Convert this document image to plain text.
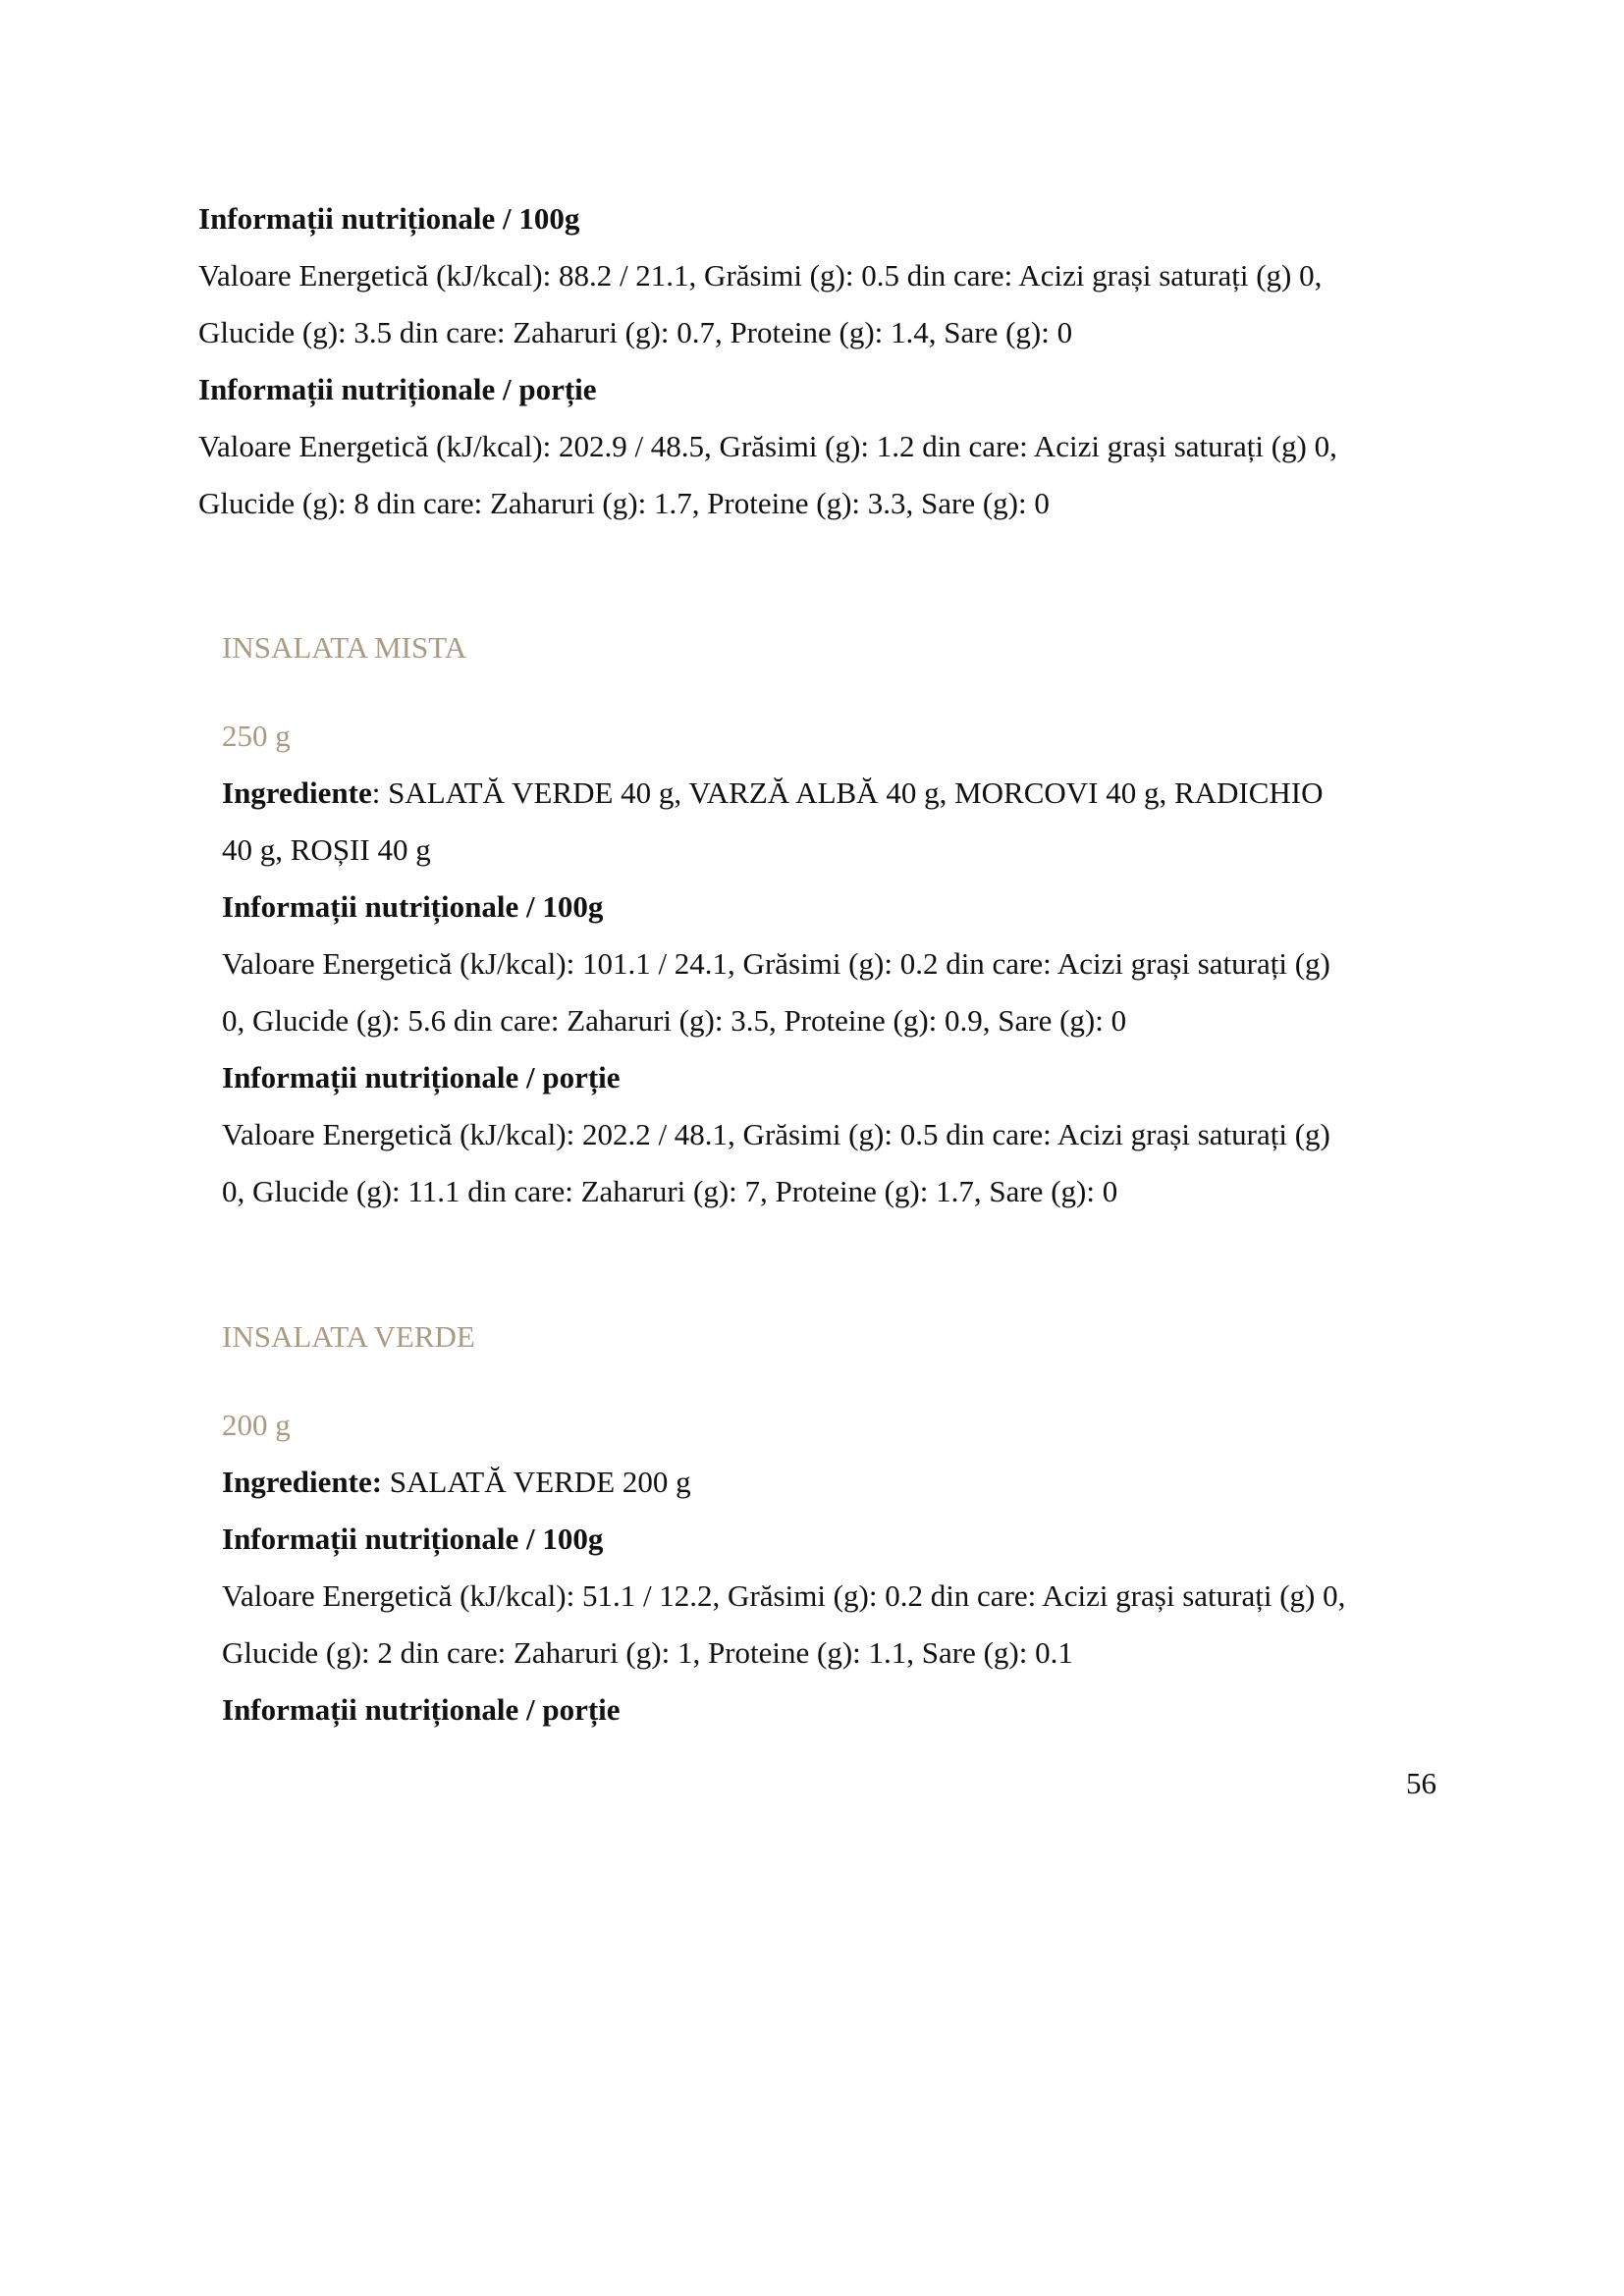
Informații nutriționale / 100g
Valoare Energetică (kJ/kcal): 88.2 / 21.1, Grăsimi (g): 0.5 din care: Acizi grași saturați (g) 0,
Glucide (g): 3.5 din care: Zaharuri (g): 0.7, Proteine (g): 1.4, Sare (g): 0
Informații nutriționale / porție
Valoare Energetică (kJ/kcal): 202.9 / 48.5, Grăsimi (g): 1.2 din care: Acizi grași saturați (g) 0,
Glucide (g): 8 din care: Zaharuri (g): 1.7, Proteine (g): 3.3, Sare (g): 0
INSALATA MISTA
250 g
Ingrediente: SALATĂ VERDE 40 g, VARZĂ ALBĂ 40 g, MORCOVI 40 g, RADICHIO
40 g, ROȘII 40 g
Informații nutriționale / 100g
Valoare Energetică (kJ/kcal): 101.1 / 24.1, Grăsimi (g): 0.2 din care: Acizi grași saturați (g)
0, Glucide (g): 5.6 din care: Zaharuri (g): 3.5, Proteine (g): 0.9, Sare (g): 0
Informații nutriționale / porție
Valoare Energetică (kJ/kcal): 202.2 / 48.1, Grăsimi (g): 0.5 din care: Acizi grași saturați (g)
0, Glucide (g): 11.1 din care: Zaharuri (g): 7, Proteine (g): 1.7, Sare (g): 0
INSALATA VERDE
200 g
Ingrediente: SALATĂ VERDE 200 g
Informații nutriționale / 100g
Valoare Energetică (kJ/kcal): 51.1 / 12.2, Grăsimi (g): 0.2 din care: Acizi grași saturați (g) 0,
Glucide (g): 2 din care: Zaharuri (g): 1, Proteine (g): 1.1, Sare (g): 0.1
Informații nutriționale / porție
56
